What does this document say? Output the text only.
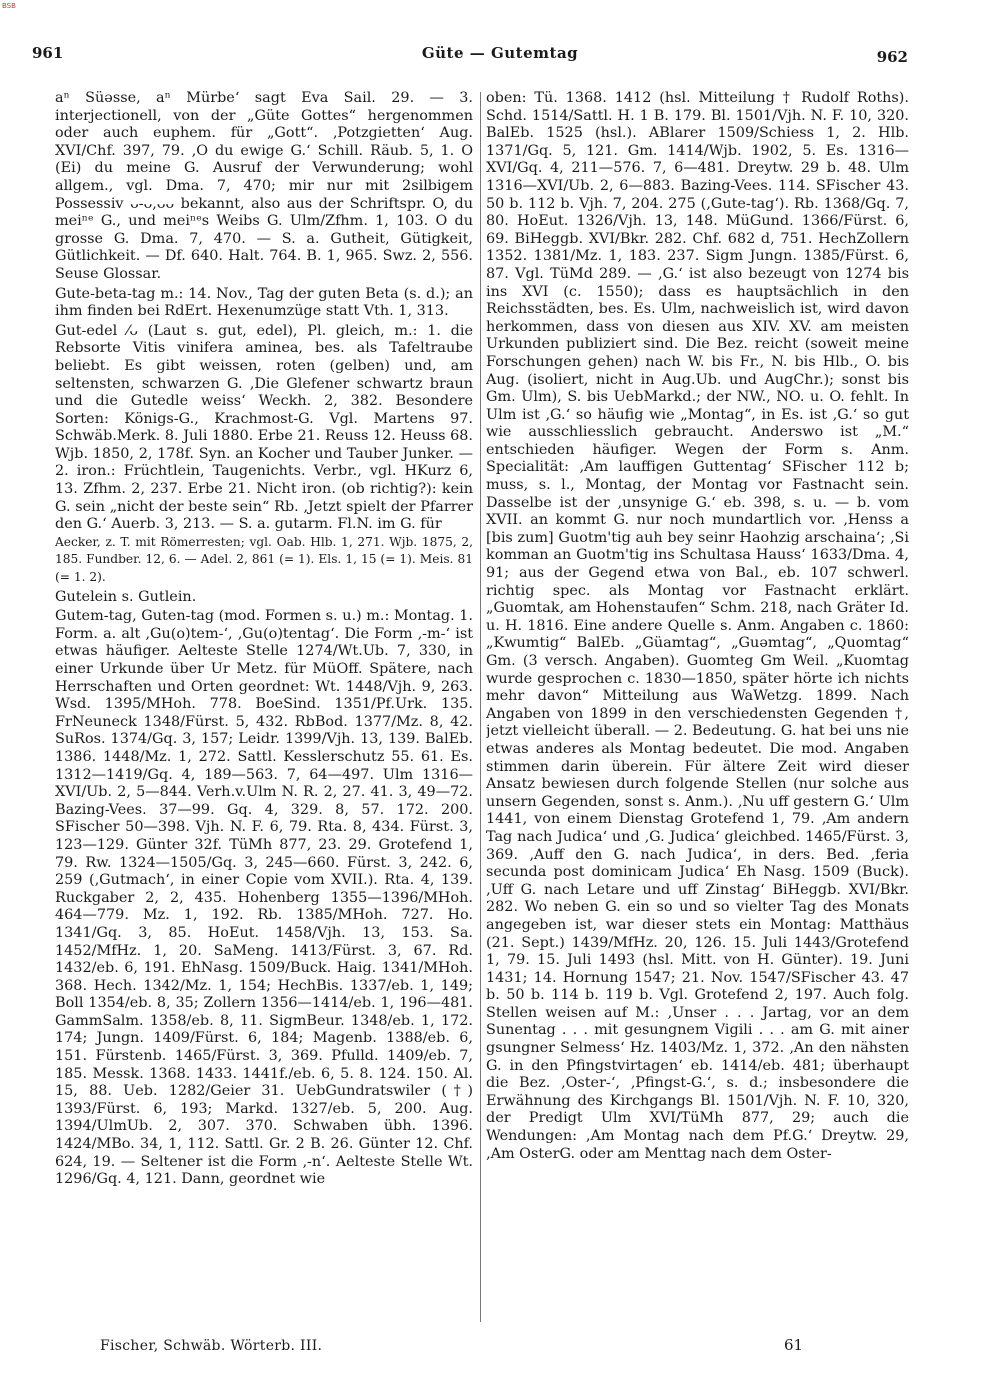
BSB
961	Güte — Gutemtag	962

aⁿ Süəsse, aⁿ Mürbe‘ sagt Eva Sail. 29. — 3. interjectionell, von der „Güte Gottes“ hergenommen oder auch euphem. für „Gott“. ‚Potzgietten‘ Aug. XVI/Chf. 397, 79. ‚O du ewige G.‘ Schill. Räub. 5, 1. O (Ei) du meine G. Ausruf der Verwunderung; wohl allgem., vgl. Dma. 7, 470; mir nur mit 2silbigem Possessiv ᴗ-ᴗ,ᴗᴗ bekannt, also aus der Schriftspr. O, du meiⁿᵉ G., und meiⁿᵉs Weibs G. Ulm/Zfhm. 1, 103. O du grosse G. Dma. 7, 470. — S. a. Gutheit, Gütigkeit, Gütlichkeit. — Df. 640. Halt. 764. B. 1, 965. Swz. 2, 556. Seuse Glossar.

Gute-beta-tag m.: 14. Nov., Tag der guten Beta (s. d.); an ihm finden bei RdErt. Hexenumzüge statt Vth. 1, 313.

Gut-edel ⁄ᴗ (Laut s. gut, edel), Pl. gleich, m.: 1. die Rebsorte Vitis vinifera aminea, bes. als Tafeltraube beliebt. Es gibt weissen, roten (gelben) und, am seltensten, schwarzen G. ‚Die Glefener schwartz braun und die Gutedle weiss‘ Weckh. 2, 382. Besondere Sorten: Königs-G., Krachmost-G. Vgl. Martens 97. Schwäb.Merk. 8. Juli 1880. Erbe 21. Reuss 12. Heuss 68. Wjb. 1850, 2, 178f. Syn. an Kocher und Tauber Junker. — 2. iron.: Früchtlein, Taugenichts. Verbr., vgl. HKurz 6, 13. Zfhm. 2, 237. Erbe 21. Nicht iron. (ob richtig?): kein G. sein „nicht der beste sein“ Rb. ‚Jetzt spielt der Pfarrer den G.‘ Auerb. 3, 213. — S. a. gutarm. Fl.N. im G. für

Aecker, z. T. mit Römerresten; vgl. Oab. Hlb. 1, 271. Wjb. 1875, 2, 185. Fundber. 12, 6. — Adel. 2, 861 (= 1). Els. 1, 15 (= 1). Meis. 81 (= 1. 2).

Gutelein s. Gutlein.

Gutem-tag, Guten-tag (mod. Formen s. u.) m.: Montag. 1. Form. a. alt ‚Gu(o)tem-‘, ‚Gu(o)tentag‘. Die Form ‚-m-‘ ist etwas häufiger. Aelteste Stelle 1274/Wt.Ub. 7, 330, in einer Urkunde über Ur Metz. für MüOff. Spätere, nach Herrschaften und Orten geordnet: Wt. 1448/Vjh. 9, 263. Wsd. 1395/MHoh. 778. BoeSind. 1351/Pf.Urk. 135. FrNeuneck 1348/Fürst. 5, 432. RbBod. 1377/Mz. 8, 42. SuRos. 1374/Gq. 3, 157; Leidr. 1399/Vjh. 13, 139. BalEb. 1386. 1448/Mz. 1, 272. Sattl. Kesslerschutz 55. 61. Es. 1312—1419/Gq. 4, 189—563. 7, 64—497. Ulm 1316—XVI/Ub. 2, 5—844. Verh.v.Ulm N. R. 2, 27. 41. 3, 49—72. Bazing-Vees. 37—99. Gq. 4, 329. 8, 57. 172. 200. SFischer 50—398. Vjh. N. F. 6, 79. Rta. 8, 434. Fürst. 3, 123—129. Günter 32f. TüMh 877, 23. 29. Grotefend 1, 79. Rw. 1324—1505/Gq. 3, 245—660. Fürst. 3, 242. 6, 259 (‚Gutmach‘, in einer Copie vom XVII.). Rta. 4, 139. Ruckgaber 2, 2, 435. Hohenberg 1355—1396/MHoh. 464—779. Mz. 1, 192. Rb. 1385/MHoh. 727. Ho. 1341/Gq. 3, 85. HoEut. 1458/Vjh. 13, 153. Sa. 1452/MfHz. 1, 20. SaMeng. 1413/Fürst. 3, 67. Rd. 1432/eb. 6, 191. EhNasg. 1509/Buck. Haig. 1341/MHoh. 368. Hech. 1342/Mz. 1, 154; HechBis. 1337/eb. 1, 149; Boll 1354/eb. 8, 35; Zollern 1356—1414/eb. 1, 196—481. GammSalm. 1358/eb. 8, 11. SigmBeur. 1348/eb. 1, 172. 174; Jungn. 1409/Fürst. 6, 184; Magenb. 1388/eb. 6, 151. Fürstenb. 1465/Fürst. 3, 369. Pfulld. 1409/eb. 7, 185. Messk. 1368. 1433. 1441f./eb. 6, 5. 8. 124. 150. Al. 15, 88. Ueb. 1282/Geier 31. UebGundratswiler (†) 1393/Fürst. 6, 193; Markd. 1327/eb. 5, 200. Aug. 1394/UlmUb. 2, 307. 370. Schwaben übh. 1396. 1424/MBo. 34, 1, 112. Sattl. Gr. 2 B. 26. Günter 12. Chf. 624, 19. — Seltener ist die Form ‚-n‘. Aelteste Stelle Wt. 1296/Gq. 4, 121. Dann, geordnet wie

oben: Tü. 1368. 1412 (hsl. Mitteilung † Rudolf Roths). Schd. 1514/Sattl. H. 1 B. 179. Bl. 1501/Vjh. N. F. 10, 320. BalEb. 1525 (hsl.). ABlarer 1509/Schiess 1, 2. Hlb. 1371/Gq. 5, 121. Gm. 1414/Wjb. 1902, 5. Es. 1316—XVI/Gq. 4, 211—576. 7, 6—481. Dreytw. 29 b. 48. Ulm 1316—XVI/Ub. 2, 6—883. Bazing-Vees. 114. SFischer 43. 50 b. 112 b. Vjh. 7, 204. 275 (‚Gute-tag‘). Rb. 1368/Gq. 7, 80. HoEut. 1326/Vjh. 13, 148. MüGund. 1366/Fürst. 6, 69. BiHeggb. XVI/Bkr. 282. Chf. 682 d, 751. HechZollern 1352. 1381/Mz. 1, 183. 237. Sigm Jungn. 1385/Fürst. 6, 87. Vgl. TüMd 289. — ‚G.‘ ist also bezeugt von 1274 bis ins XVI (c. 1550); dass es hauptsächlich in den Reichsstädten, bes. Es. Ulm, nachweislich ist, wird davon herkommen, dass von diesen aus XIV. XV. am meisten Urkunden publiziert sind. Die Bez. reicht (soweit meine Forschungen gehen) nach W. bis Fr., N. bis Hlb., O. bis Aug. (isoliert, nicht in Aug.Ub. und AugChr.); sonst bis Gm. Ulm), S. bis UebMarkd.; der NW., NO. u. O. fehlt. In Ulm ist ‚G.‘ so häufig wie „Montag“, in Es. ist ‚G.‘ so gut wie ausschliesslich gebraucht. Anderswo ist „M.“ entschieden häufiger. Wegen der Form s. Anm. Specialität: ‚Am lauffigen Guttentag‘ SFischer 112 b; muss, s. l., Montag, der Montag vor Fastnacht sein. Dasselbe ist der ‚unsynige G.‘ eb. 398, s. u. — b. vom XVII. an kommt G. nur noch mundartlich vor. ‚Henss a [bis zum] Guotm'tig auh bey seinr Haohzig arschaina‘; ‚Si komman an Guotm'tig ins Schultasa Hauss‘ 1633/Dma. 4, 91; aus der Gegend etwa von Bal., eb. 107 schwerl. richtig spec. als Montag vor Fastnacht erklärt. „Guomtak, am Hohenstaufen“ Schm. 218, nach Gräter Id. u. H. 1816. Eine andere Quelle s. Anm. Angaben c. 1860: „Kwumtig“ BalEb. „Güamtag“, „Guəmtag“, „Quomtag“ Gm. (3 versch. Angaben). Guomteg Gm Weil. „Kuomtag wurde gesprochen c. 1830—1850, später hörte ich nichts mehr davon“ Mitteilung aus WaWetzg. 1899. Nach Angaben von 1899 in den verschiedensten Gegenden †, jetzt vielleicht überall. — 2. Bedeutung. G. hat bei uns nie etwas anderes als Montag bedeutet. Die mod. Angaben stimmen darin überein. Für ältere Zeit wird dieser Ansatz bewiesen durch folgende Stellen (nur solche aus unsern Gegenden, sonst s. Anm.). ‚Nu uff gestern G.‘ Ulm 1441, von einem Dienstag Grotefend 1, 79. ‚Am andern Tag nach Judica‘ und ‚G. Judica‘ gleichbed. 1465/Fürst. 3, 369. ‚Auff den G. nach Judica‘, in ders. Bed. ‚feria secunda post dominicam Judica‘ Eh Nasg. 1509 (Buck). ‚Uff G. nach Letare und uff Zinstag‘ BiHeggb. XVI/Bkr. 282. Wo neben G. ein so und so vielter Tag des Monats angegeben ist, war dieser stets ein Montag: Matthäus (21. Sept.) 1439/MfHz. 20, 126. 15. Juli 1443/Grotefend 1, 79. 15. Juli 1493 (hsl. Mitt. von H. Günter). 19. Juni 1431; 14. Hornung 1547; 21. Nov. 1547/SFischer 43. 47 b. 50 b. 114 b. 119 b. Vgl. Grotefend 2, 197. Auch folg. Stellen weisen auf M.: ‚Unser . . . Jartag, vor an dem Sunentag . . . mit gesungnem Vigili . . . am G. mit ainer gsungner Selmess‘ Hz. 1403/Mz. 1, 372. ‚An den nähsten G. in den Pfingstvirtagen‘ eb. 1414/eb. 481; überhaupt die Bez. ‚Oster-‘, ‚Pfingst-G.‘, s. d.; insbesondere die Erwähnung des Kirchgangs Bl. 1501/Vjh. N. F. 10, 320, der Predigt Ulm XVI/TüMh 877, 29; auch die Wendungen: ‚Am Montag nach dem Pf.G.‘ Dreytw. 29, ‚Am OsterG. oder am Menttag nach dem Oster-

Fischer, Schwäb. Wörterb. III.	61
